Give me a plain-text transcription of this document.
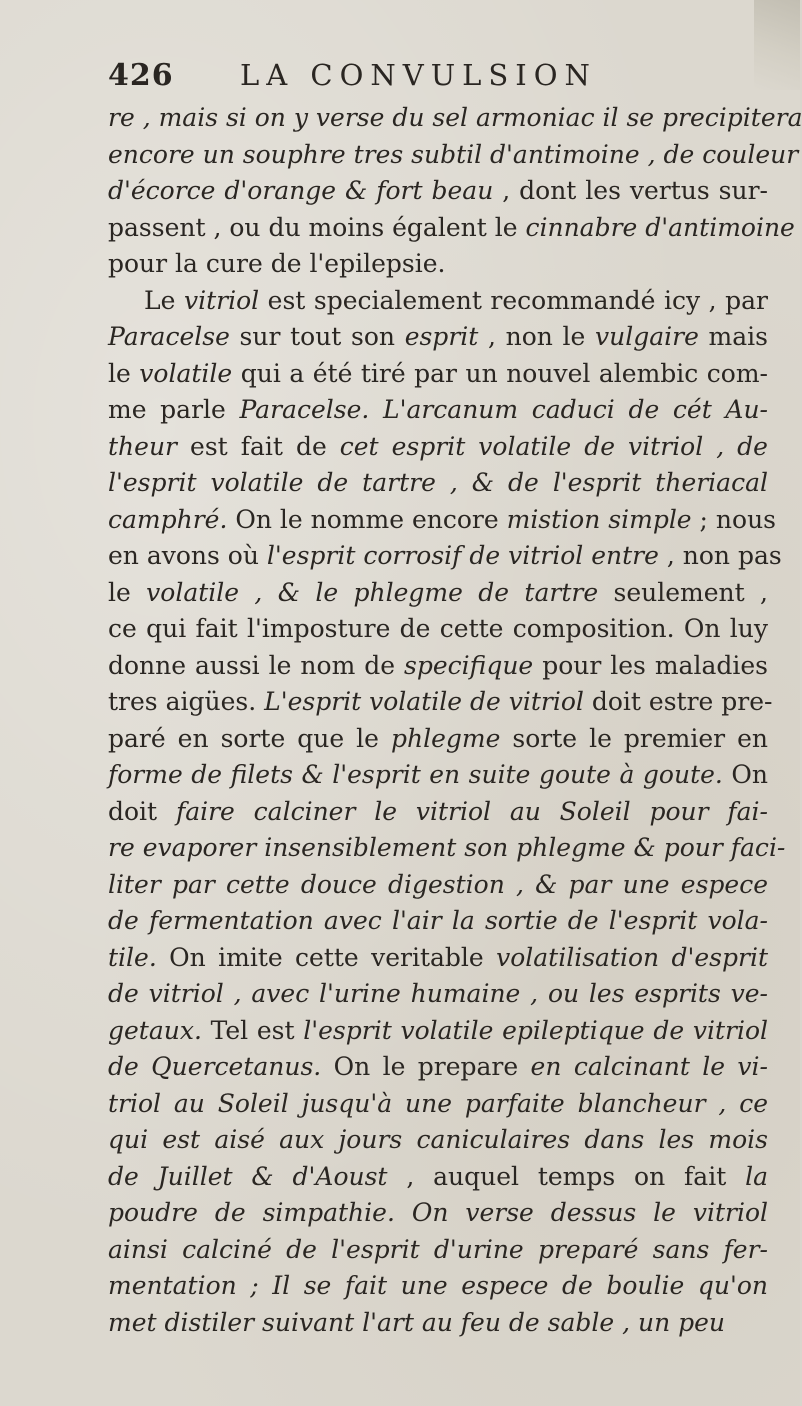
426 LA CONVULSION
re , mais si on y verse du sel armoniac il se precipitera
encore un souphre tres subtil d'antimoine , de couleur
d'écorce d'orange & fort beau , dont les vertus sur-
passent , ou du moins égalent le cinnabre d'antimoine
pour la cure de l'epilepsie.
Le vitriol est specialement recommandé icy , par
Paracelse sur tout son esprit , non le vulgaire mais
le volatile qui a été tiré par un nouvel alembic com-
me parle Paracelse. L'arcanum caduci de cét Au-
theur est fait de cet esprit volatile de vitriol , de
l'esprit volatile de tartre , & de l'esprit theriacal
camphré. On le nomme encore mistion simple ; nous
en avons où l'esprit corrosif de vitriol entre , non pas
le volatile , & le phlegme de tartre seulement ,
ce qui fait l'imposture de cette composition. On luy
donne aussi le nom de specifique pour les maladies
tres aigües. L'esprit volatile de vitriol doit estre pre-
paré en sorte que le phlegme sorte le premier en
forme de filets & l'esprit en suite goute à goute. On
doit faire calciner le vitriol au Soleil pour fai-
re evaporer insensiblement son phlegme & pour faci-
liter par cette douce digestion , & par une espece
de fermentation avec l'air la sortie de l'esprit vola-
tile. On imite cette veritable volatilisation d'esprit
de vitriol , avec l'urine humaine , ou les esprits ve-
getaux. Tel est l'esprit volatile epileptique de vitriol
de Quercetanus. On le prepare en calcinant le vi-
triol au Soleil jusqu'à une parfaite blancheur , ce
qui est aisé aux jours caniculaires dans les mois
de Juillet & d'Aoust , auquel temps on fait la
poudre de simpathie. On verse dessus le vitriol
ainsi calciné de l'esprit d'urine preparé sans fer-
mentation ; Il se fait une espece de boulie qu'on
met distiler suivant l'art au feu de sable , un peu
